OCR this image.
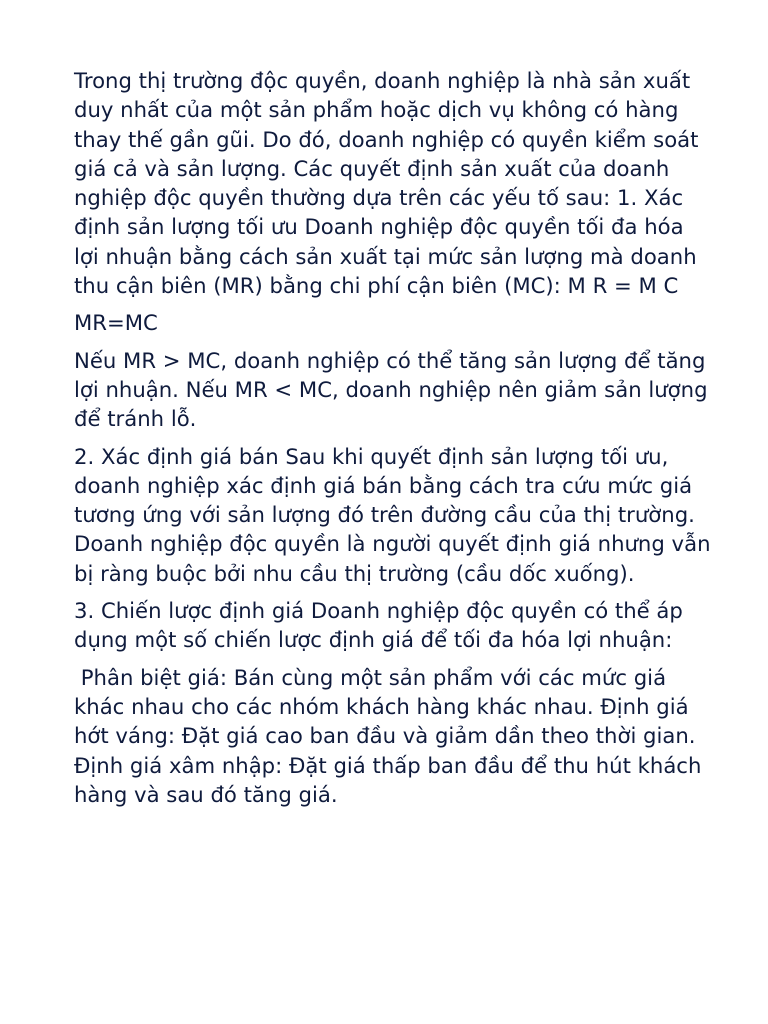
Trong thị trường độc quyền, doanh nghiệp là nhà sản xuất duy nhất của một sản phẩm hoặc dịch vụ không có hàng thay thế gần gũi. Do đó, doanh nghiệp có quyền kiểm soát giá cả và sản lượng. Các quyết định sản xuất của doanh nghiệp độc quyền thường dựa trên các yếu tố sau: 1. Xác định sản lượng tối ưu Doanh nghiệp độc quyền tối đa hóa lợi nhuận bằng cách sản xuất tại mức sản lượng mà doanh thu cận biên (MR) bằng chi phí cận biên (MC): M R = M C

MR=MC

Nếu MR > MC, doanh nghiệp có thể tăng sản lượng để tăng lợi nhuận. Nếu MR < MC, doanh nghiệp nên giảm sản lượng để tránh lỗ.

2. Xác định giá bán Sau khi quyết định sản lượng tối ưu, doanh nghiệp xác định giá bán bằng cách tra cứu mức giá tương ứng với sản lượng đó trên đường cầu của thị trường. Doanh nghiệp độc quyền là người quyết định giá nhưng vẫn bị ràng buộc bởi nhu cầu thị trường (cầu dốc xuống).

3. Chiến lược định giá Doanh nghiệp độc quyền có thể áp dụng một số chiến lược định giá để tối đa hóa lợi nhuận:

Phân biệt giá: Bán cùng một sản phẩm với các mức giá khác nhau cho các nhóm khách hàng khác nhau. Định giá hớt váng: Đặt giá cao ban đầu và giảm dần theo thời gian. Định giá xâm nhập: Đặt giá thấp ban đầu để thu hút khách hàng và sau đó tăng giá.
